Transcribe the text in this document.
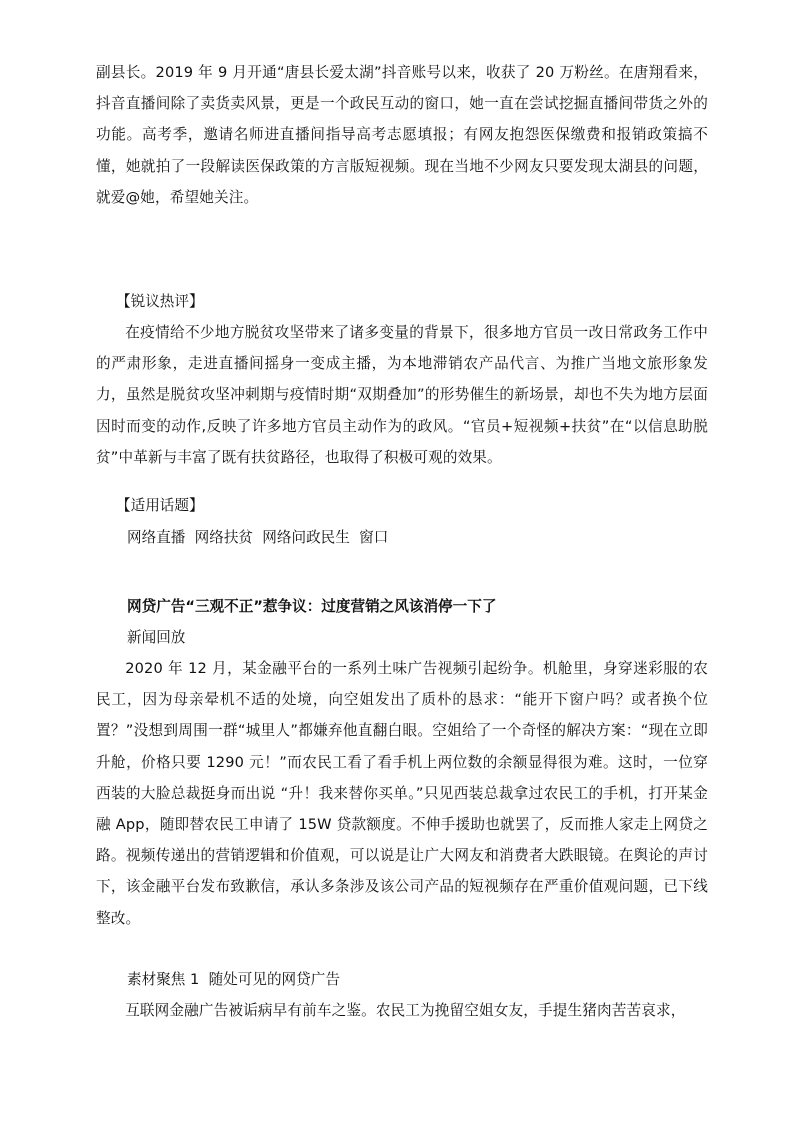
副县长。2019 年 9 月开通“唐县长爱太湖”抖音账号以来，收获了 20 万粉丝。在唐翔看来，抖音直播间除了卖货卖风景，更是一个政民互动的窗口，她一直在尝试挖掘直播间带货之外的功能。高考季，邀请名师进直播间指导高考志愿填报；有网友抱怨医保缴费和报销政策搞不懂，她就拍了一段解读医保政策的方言版短视频。现在当地不少网友只要发现太湖县的问题，就爱@她，希望她关注。

【锐议热评】

在疫情给不少地方脱贫攻坚带来了诸多变量的背景下，很多地方官员一改日常政务工作中的严肃形象，走进直播间摇身一变成主播，为本地滞销农产品代言、为推广当地文旅形象发力，虽然是脱贫攻坚冲刺期与疫情时期“双期叠加”的形势催生的新场景，却也不失为地方层面因时而变的动作,反映了许多地方官员主动作为的政风。“官员+短视频+扶贫”在“以信息助脱贫”中革新与丰富了既有扶贫路径，也取得了积极可观的效果。

【适用话题】
网络直播  网络扶贫  网络问政民生  窗口
网贷广告“三观不正”惹争议：过度营销之风该消停一下了
新闻回放

2020 年 12 月，某金融平台的一系列土味广告视频引起纷争。机舱里，身穿迷彩服的农民工，因为母亲晕机不适的处境，向空姐发出了质朴的恳求：“能开下窗户吗？或者换个位置？”没想到周围一群“城里人”都嫌弃他直翻白眼。空姐给了一个奇怪的解决方案：“现在立即升舱，价格只要 1290 元！”而农民工看了看手机上两位数的余额显得很为难。这时，一位穿西装的大脸总裁挺身而出说 “升！我来替你买单。”只见西装总裁拿过农民工的手机，打开某金融 App，随即替农民工申请了 15W 贷款额度。不伸手援助也就罢了，反而推人家走上网贷之路。视频传递出的营销逻辑和价值观，可以说是让广大网友和消费者大跌眼镜。在舆论的声讨下，该金融平台发布致歉信，承认多条涉及该公司产品的短视频存在严重价值观问题，已下线整改。

素材聚焦 1  随处可见的网贷广告

互联网金融广告被诟病早有前车之鉴。农民工为挽留空姐女友，手提生猪肉苦苦哀求，
